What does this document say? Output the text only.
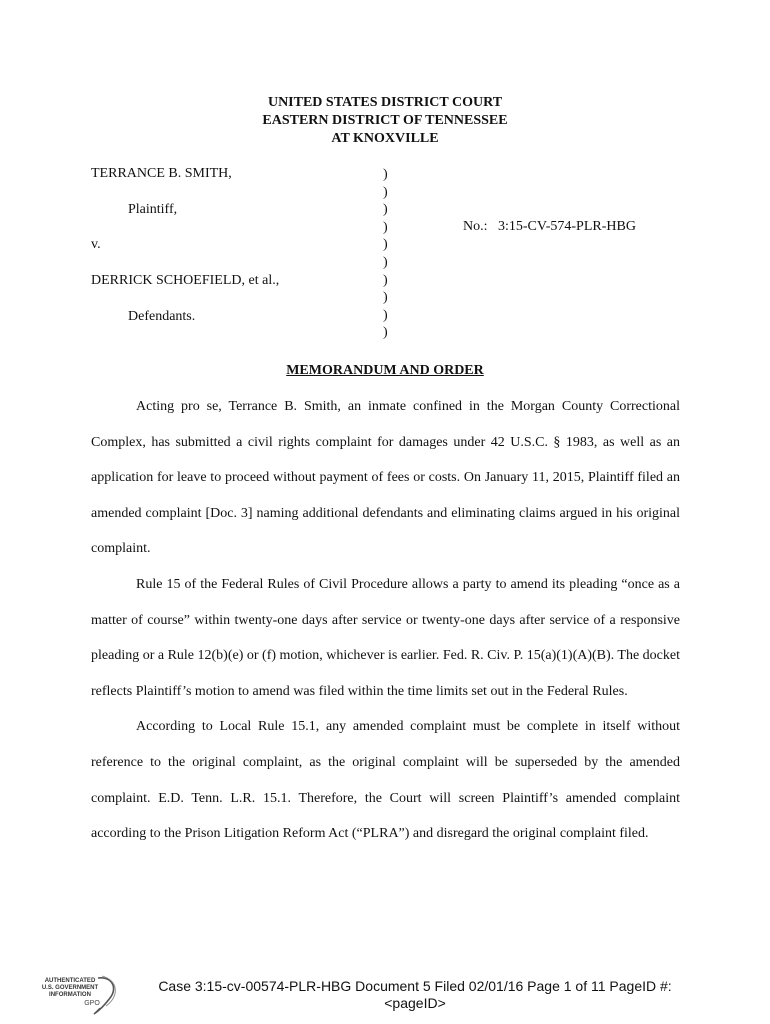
UNITED STATES DISTRICT COURT
EASTERN DISTRICT OF TENNESSEE
AT KNOXVILLE
TERRANCE B. SMITH,
Plaintiff,
v.
DERRICK SCHOEFIELD, et al.,
Defendants.
)
)
)
)
)
)
)
)
)
)
No.: 3:15-CV-574-PLR-HBG
MEMORANDUM AND ORDER

Acting pro se, Terrance B. Smith, an inmate confined in the Morgan County Correctional Complex, has submitted a civil rights complaint for damages under 42 U.S.C. § 1983, as well as an application for leave to proceed without payment of fees or costs. On January 11, 2015, Plaintiff filed an amended complaint [Doc. 3] naming additional defendants and eliminating claims argued in his original complaint.

Rule 15 of the Federal Rules of Civil Procedure allows a party to amend its pleading “once as a matter of course” within twenty-one days after service or twenty-one days after service of a responsive pleading or a Rule 12(b)(e) or (f) motion, whichever is earlier. Fed. R. Civ. P. 15(a)(1)(A)(B). The docket reflects Plaintiff’s motion to amend was filed within the time limits set out in the Federal Rules.

According to Local Rule 15.1, any amended complaint must be complete in itself without reference to the original complaint, as the original complaint will be superseded by the amended complaint. E.D. Tenn. L.R. 15.1. Therefore, the Court will screen Plaintiff’s amended complaint according to the Prison Litigation Reform Act (“PLRA”) and disregard the original complaint filed.

AUTHENTICATED
U.S. GOVERNMENT
INFORMATION
GPO
Case 3:15-cv-00574-PLR-HBG Document 5 Filed 02/01/16 Page 1 of 11 PageID #:
<pageID>
